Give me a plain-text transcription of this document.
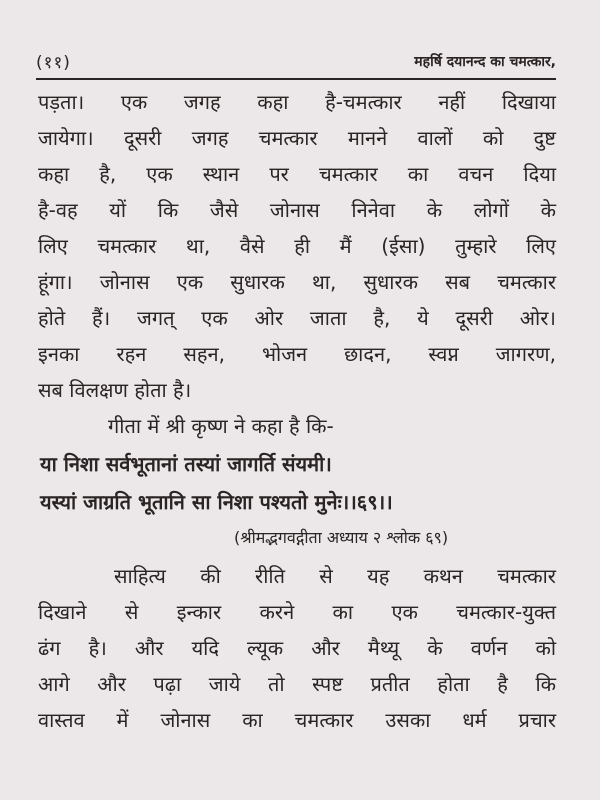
(११)	महर्षि दयानन्द का चमत्कार,
पड़ता। एक जगह कहा है-चमत्कार नहीं दिखाया
जायेगा। दूसरी जगह चमत्कार मानने वालों को दुष्ट
कहा है, एक स्थान पर चमत्कार का वचन दिया
है-वह यों कि जैसे जोनास निनेवा के लोगों के
लिए चमत्कार था, वैसे ही मैं (ईसा) तुम्हारे लिए
हूंगा। जोनास एक सुधारक था, सुधारक सब चमत्कार
होते हैं। जगत् एक ओर जाता है, ये दूसरी ओर।
इनका रहन सहन, भोजन छादन, स्वप्न जागरण,
सब विलक्षण होता है।
गीता में श्री कृष्ण ने कहा है कि-
या निशा सर्वभूतानां तस्यां जागर्ति संयमी।
यस्यां जाग्रति भूतानि सा निशा पश्यतो मुनेः।।६९।।
(श्रीमद्भगवद्गीता अध्याय २ श्लोक ६९)
साहित्य की रीति से यह कथन चमत्कार
दिखाने से इन्कार करने का एक चमत्कार-युक्त
ढंग है। और यदि ल्यूक और मैथ्यू के वर्णन को
आगे और पढ़ा जाये तो स्पष्ट प्रतीत होता है कि
वास्तव में जोनास का चमत्कार उसका धर्म प्रचार
